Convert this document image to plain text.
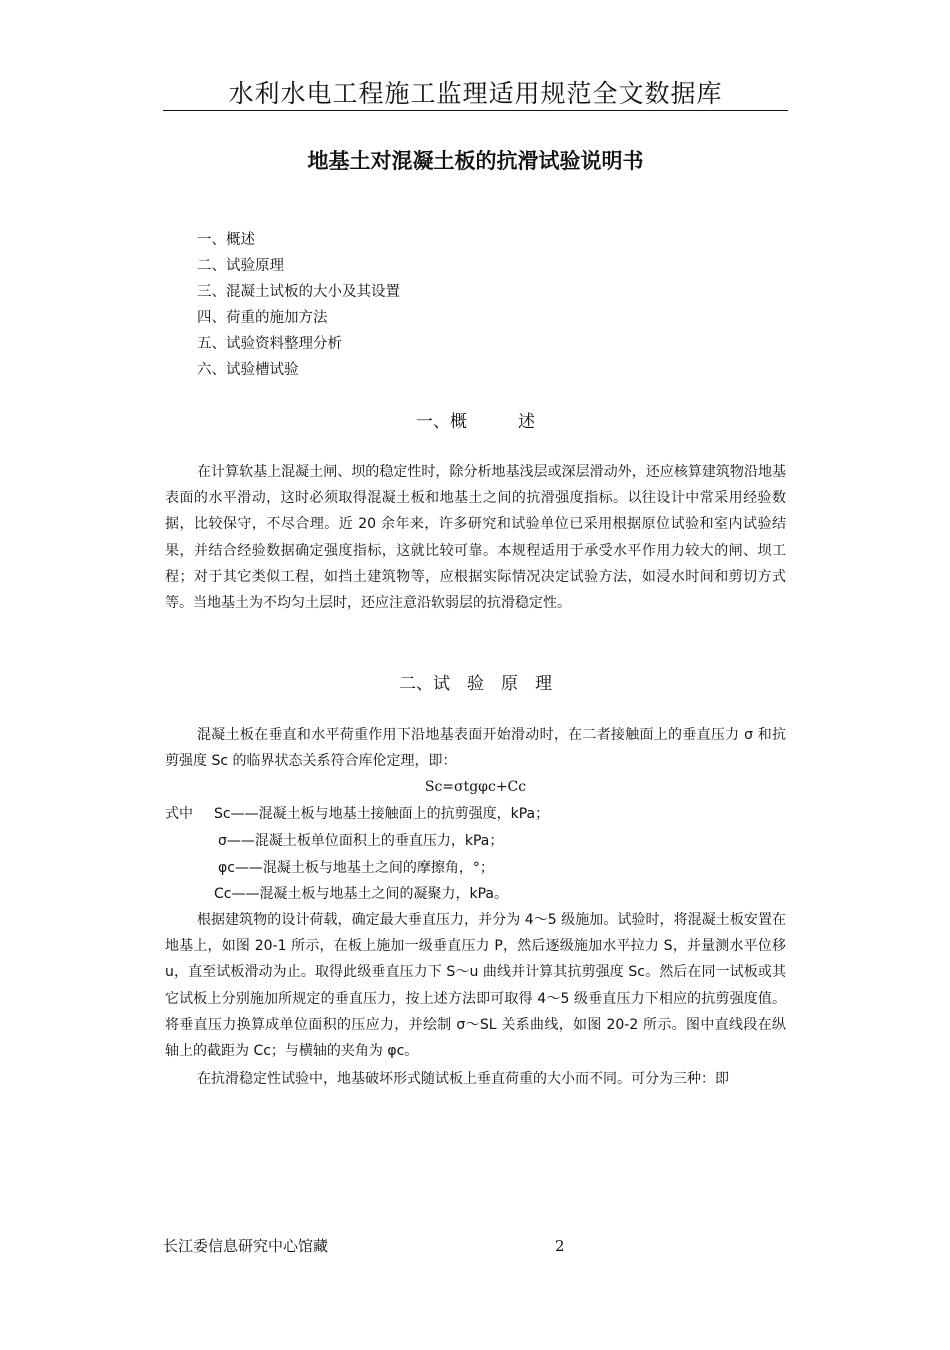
水利水电工程施工监理适用规范全文数据库
地基土对混凝土板的抗滑试验说明书
一、概述
二、试验原理
三、混凝土试板的大小及其设置
四、荷重的施加方法
五、试验资料整理分析
六、试验槽试验
一、概　　　述
在计算软基上混凝土闸、坝的稳定性时，除分析地基浅层或深层滑动外，还应核算建筑物沿地基表面的水平滑动，这时必须取得混凝土板和地基土之间的抗滑强度指标。以往设计中常采用经验数据，比较保守，不尽合理。近 20 余年来，许多研究和试验单位已采用根据原位试验和室内试验结果，并结合经验数据确定强度指标，这就比较可靠。本规程适用于承受水平作用力较大的闸、坝工程；对于其它类似工程，如挡土建筑物等，应根据实际情况决定试验方法，如浸水时间和剪切方式等。当地基土为不均匀土层时，还应注意沿软弱层的抗滑稳定性。
二、试　验　原　理
混凝土板在垂直和水平荷重作用下沿地基表面开始滑动时，在二者接触面上的垂直压力 σ 和抗剪强度 Sc 的临界状态关系符合库伦定理，即：
Sc=σtgφc+Cc
式中 Sc——混凝土板与地基土接触面上的抗剪强度，kPa；
σ——混凝土板单位面积上的垂直压力，kPa；
φc——混凝土板与地基土之间的摩擦角，°；
Cc——混凝土板与地基土之间的凝聚力，kPa。
根据建筑物的设计荷载，确定最大垂直压力，并分为 4～5 级施加。试验时，将混凝土板安置在地基上，如图 20-1 所示，在板上施加一级垂直压力 P，然后逐级施加水平拉力 S，并量测水平位移 u，直至试板滑动为止。取得此级垂直压力下 S～u 曲线并计算其抗剪强度 Sc。然后在同一试板或其它试板上分别施加所规定的垂直压力，按上述方法即可取得 4～5 级垂直压力下相应的抗剪强度值。将垂直压力换算成单位面积的压应力，并绘制 σ～SL 关系曲线，如图 20-2 所示。图中直线段在纵轴上的截距为 Cc；与横轴的夹角为 φc。
在抗滑稳定性试验中，地基破坏形式随试板上垂直荷重的大小而不同。可分为三种：即
长江委信息研究中心馆藏	2
